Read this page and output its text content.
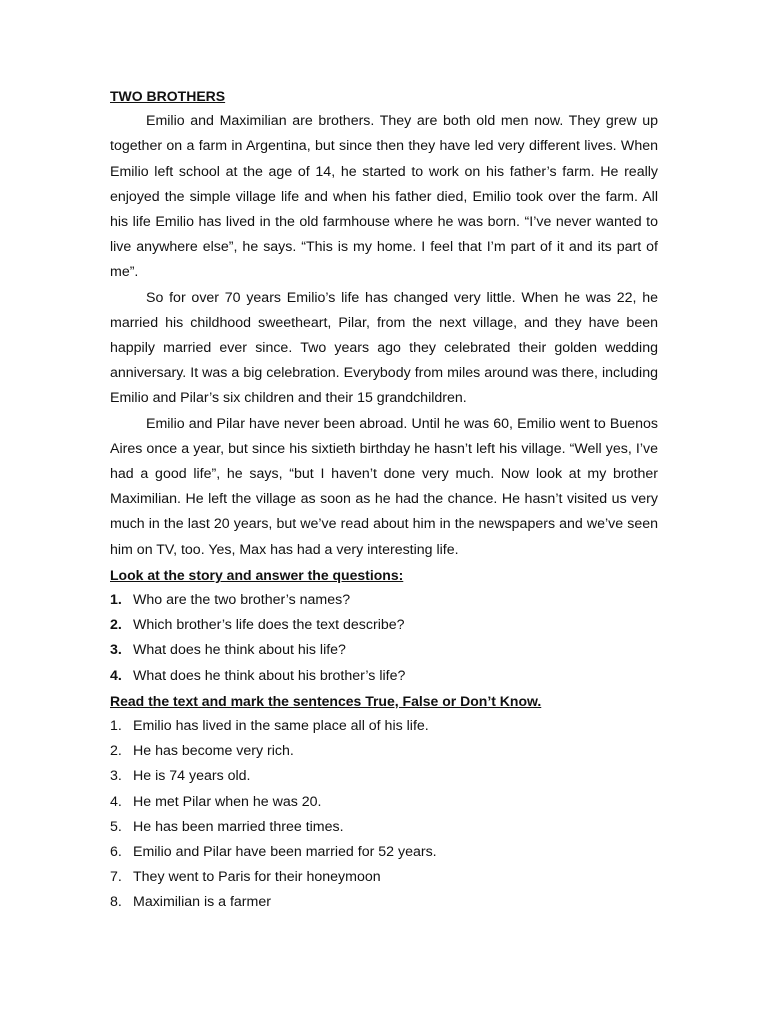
TWO BROTHERS

Emilio and Maximilian are brothers. They are both old men now. They grew up together on a farm in Argentina, but since then they have led very different lives. When Emilio left school at the age of 14, he started to work on his father’s farm. He really enjoyed the simple village life and when his father died, Emilio took over the farm. All his life Emilio has lived in the old farmhouse where he was born. “I’ve never wanted to live anywhere else”, he says. “This is my home. I feel that I’m part of it and its part of me”.

So for over 70 years Emilio’s life has changed very little. When he was 22, he married his childhood sweetheart, Pilar, from the next village, and they have been happily married ever since. Two years ago they celebrated their golden wedding anniversary. It was a big celebration. Everybody from miles around was there, including Emilio and Pilar’s six children and their 15 grandchildren.

Emilio and Pilar have never been abroad. Until he was 60, Emilio went to Buenos Aires once a year, but since his sixtieth birthday he hasn’t left his village. “Well yes, I’ve had a good life”, he says, “but I haven’t done very much. Now look at my brother Maximilian. He left the village as soon as he had the chance. He hasn’t visited us very much in the last 20 years, but we’ve read about him in the newspapers and we’ve seen him on TV, too. Yes, Max has had a very interesting life.

Look at the story and answer the questions:
1. Who are the two brother’s names?
2. Which brother’s life does the text describe?
3. What does he think about his life?
4. What does he think about his brother’s life?
Read the text and mark the sentences True, False or Don’t Know.
1. Emilio has lived in the same place all of his life.
2. He has become very rich.
3. He is 74 years old.
4. He met Pilar when he was 20.
5. He has been married three times.
6. Emilio and Pilar have been married for 52 years.
7. They went to Paris for their honeymoon
8. Maximilian is a farmer
